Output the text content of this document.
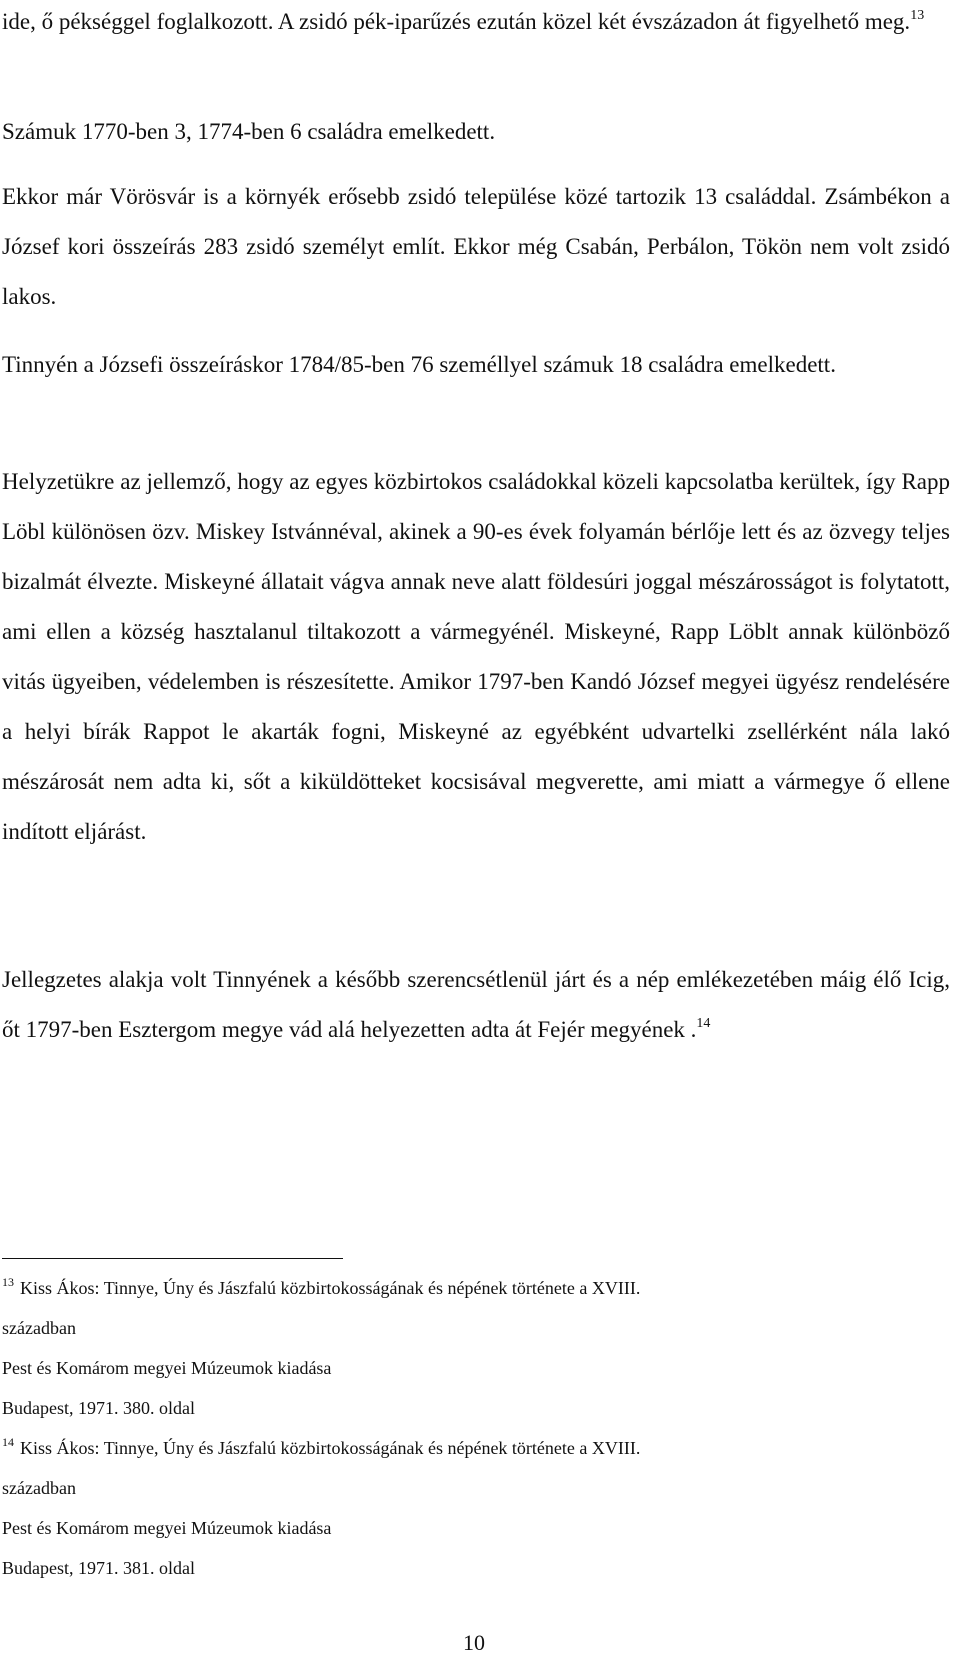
ide, ő pékséggel foglalkozott. A zsidó pék-iparűzés ezután közel két évszázadon át figyelhető meg.$^{13}$

Számuk 1770-ben 3, 1774-ben 6 családra emelkedett.

Ekkor már Vörösvár is a környék erősebb zsidó települése közé tartozik 13 családdal. Zsámbékon a József kori összeírás 283 zsidó személyt említ. Ekkor még Csabán, Perbálon, Tökön nem volt zsidó lakos.

Tinnyén a Józsefi összeíráskor 1784/85-ben 76 személlyel számuk 18 családra emelkedett.

Helyzetükre az jellemző, hogy az egyes közbirtokos családokkal közeli kapcsolatba kerültek, így Rapp Löbl különösen özv. Miskey Istvánnéval, akinek a 90-es évek folyamán bérlője lett és az özvegy teljes bizalmát élvezte. Miskeyné állatait vágva annak neve alatt földesúri joggal mészárosságot is folytatott, ami ellen a község hasztalanul tiltakozott a vármegyénél. Miskeyné, Rapp Löblt annak különböző vitás ügyeiben, védelemben is részesítette. Amikor 1797-ben Kandó József megyei ügyész rendelésére a helyi bírák Rappot le akarták fogni, Miskeyné az egyébként udvartelki zsellérként nála lakó mészárosát nem adta ki, sőt a kiküldötteket kocsisával megverette, ami miatt a vármegye ő ellene indított eljárást.

Jellegzetes alakja volt Tinnyének a később szerencsétlenül járt és a nép emlékezetében máig élő Icig, őt 1797-ben Esztergom megye vád alá helyezetten adta át Fejér megyének .$^{14}$

$^{13}$ Kiss Ákos: Tinnye, Úny és Jászfalú közbirtokosságának és népének története a XVIII.

században

Pest és Komárom megyei Múzeumok kiadása

Budapest, 1971. 380. oldal

$^{14}$ Kiss Ákos: Tinnye, Úny és Jászfalú közbirtokosságának és népének története a XVIII.

században

Pest és Komárom megyei Múzeumok kiadása

Budapest, 1971. 381. oldal

10
